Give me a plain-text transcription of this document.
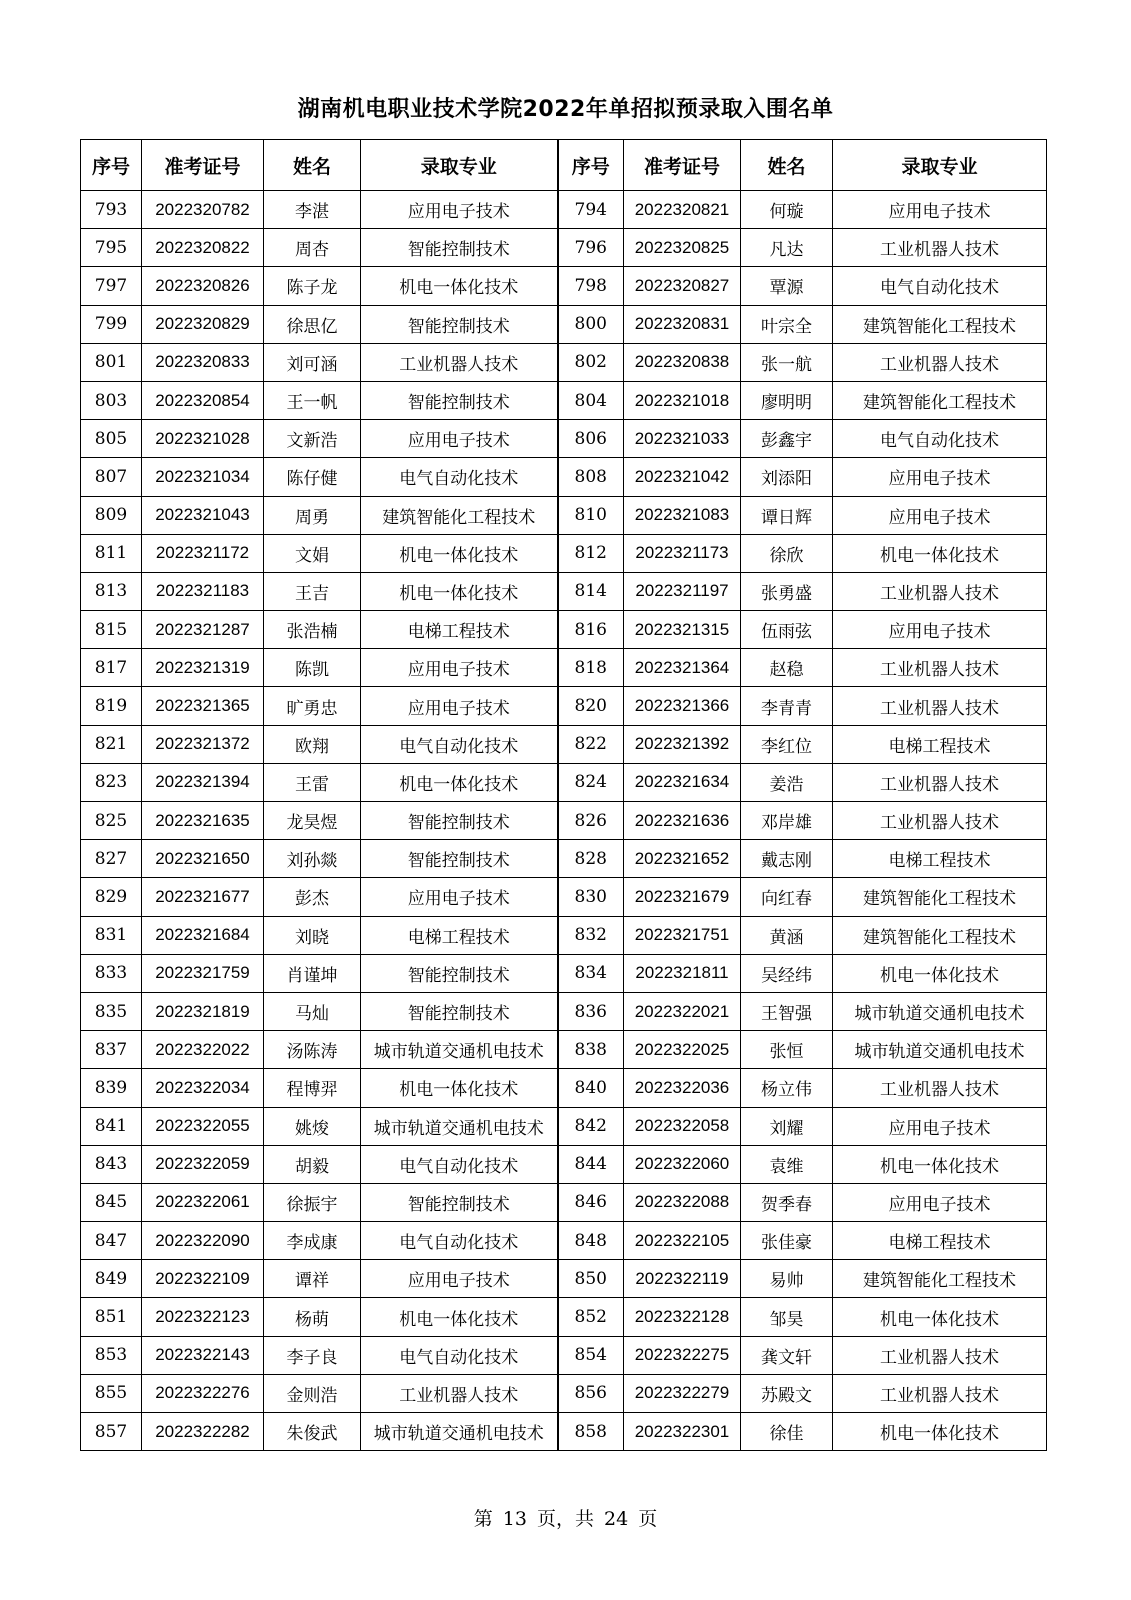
湖南机电职业技术学院2022年单招拟预录取入围名单
序号	准考证号	姓名	录取专业	序号	准考证号	姓名	录取专业
793	2022320782	李湛	应用电子技术	794	2022320821	何璇	应用电子技术
795	2022320822	周杏	智能控制技术	796	2022320825	凡达	工业机器人技术
797	2022320826	陈子龙	机电一体化技术	798	2022320827	覃源	电气自动化技术
799	2022320829	徐思亿	智能控制技术	800	2022320831	叶宗全	建筑智能化工程技术
801	2022320833	刘可涵	工业机器人技术	802	2022320838	张一航	工业机器人技术
803	2022320854	王一帆	智能控制技术	804	2022321018	廖明明	建筑智能化工程技术
805	2022321028	文新浩	应用电子技术	806	2022321033	彭鑫宇	电气自动化技术
807	2022321034	陈仔健	电气自动化技术	808	2022321042	刘添阳	应用电子技术
809	2022321043	周勇	建筑智能化工程技术	810	2022321083	谭日辉	应用电子技术
811	2022321172	文娟	机电一体化技术	812	2022321173	徐欣	机电一体化技术
813	2022321183	王吉	机电一体化技术	814	2022321197	张勇盛	工业机器人技术
815	2022321287	张浩楠	电梯工程技术	816	2022321315	伍雨弦	应用电子技术
817	2022321319	陈凯	应用电子技术	818	2022321364	赵稳	工业机器人技术
819	2022321365	旷勇忠	应用电子技术	820	2022321366	李青青	工业机器人技术
821	2022321372	欧翔	电气自动化技术	822	2022321392	李红位	电梯工程技术
823	2022321394	王雷	机电一体化技术	824	2022321634	姜浩	工业机器人技术
825	2022321635	龙昊煜	智能控制技术	826	2022321636	邓岸雄	工业机器人技术
827	2022321650	刘孙燚	智能控制技术	828	2022321652	戴志刚	电梯工程技术
829	2022321677	彭杰	应用电子技术	830	2022321679	向红春	建筑智能化工程技术
831	2022321684	刘晓	电梯工程技术	832	2022321751	黄涵	建筑智能化工程技术
833	2022321759	肖谨坤	智能控制技术	834	2022321811	吴经纬	机电一体化技术
835	2022321819	马灿	智能控制技术	836	2022322021	王智强	城市轨道交通机电技术
837	2022322022	汤陈涛	城市轨道交通机电技术	838	2022322025	张恒	城市轨道交通机电技术
839	2022322034	程博羿	机电一体化技术	840	2022322036	杨立伟	工业机器人技术
841	2022322055	姚焌	城市轨道交通机电技术	842	2022322058	刘耀	应用电子技术
843	2022322059	胡毅	电气自动化技术	844	2022322060	袁维	机电一体化技术
845	2022322061	徐振宇	智能控制技术	846	2022322088	贺季春	应用电子技术
847	2022322090	李成康	电气自动化技术	848	2022322105	张佳豪	电梯工程技术
849	2022322109	谭祥	应用电子技术	850	2022322119	易帅	建筑智能化工程技术
851	2022322123	杨萌	机电一体化技术	852	2022322128	邹昊	机电一体化技术
853	2022322143	李子良	电气自动化技术	854	2022322275	龚文轩	工业机器人技术
855	2022322276	金则浩	工业机器人技术	856	2022322279	苏殿文	工业机器人技术
857	2022322282	朱俊武	城市轨道交通机电技术	858	2022322301	徐佳	机电一体化技术
第 13 页，共 24 页
